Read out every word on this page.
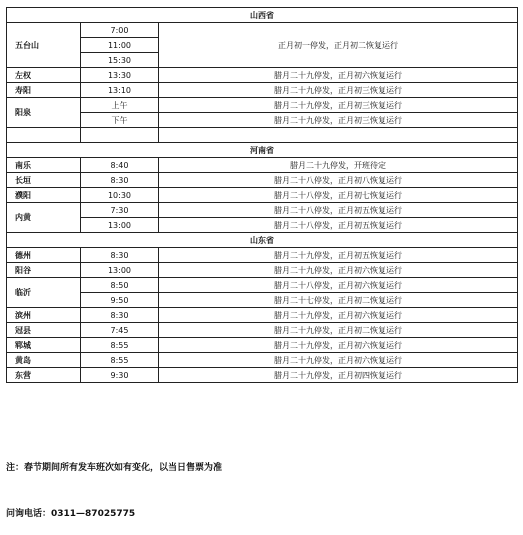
山西省		
五台山	7:00	正月初一停发，正月初二恢复运行
	11:00	
	15:30	
左权	13:30	腊月二十九停发，正月初六恢复运行
寿阳	13:10	腊月二十九停发，正月初三恢复运行
阳泉	上午	腊月二十九停发，正月初三恢复运行
	下午	腊月二十九停发，正月初三恢复运行

河南省		
南乐	8:40	腊月二十九停发，开班待定
长垣	8:30	腊月二十八停发，正月初八恢复运行
濮阳	10:30	腊月二十八停发，正月初七恢复运行
内黄	7:30	腊月二十八停发，正月初五恢复运行
	13:00	腊月二十八停发，正月初五恢复运行
山东省		
德州	8:30	腊月二十九停发，正月初五恢复运行
阳谷	13:00	腊月二十九停发，正月初六恢复运行
临沂	8:50	腊月二十八停发，正月初六恢复运行
	9:50	腊月二十七停发，正月初二恢复运行
滨州	8:30	腊月二十九停发，正月初六恢复运行
冠县	7:45	腊月二十九停发，正月初二恢复运行
郓城	8:55	腊月二十九停发，正月初六恢复运行
黄岛	8:55	腊月二十九停发，正月初六恢复运行
东营	9:30	腊月二十九停发，正月初四恢复运行
注：春节期间所有发车班次如有变化，以当日售票为准
问询电话：0311—87025775
